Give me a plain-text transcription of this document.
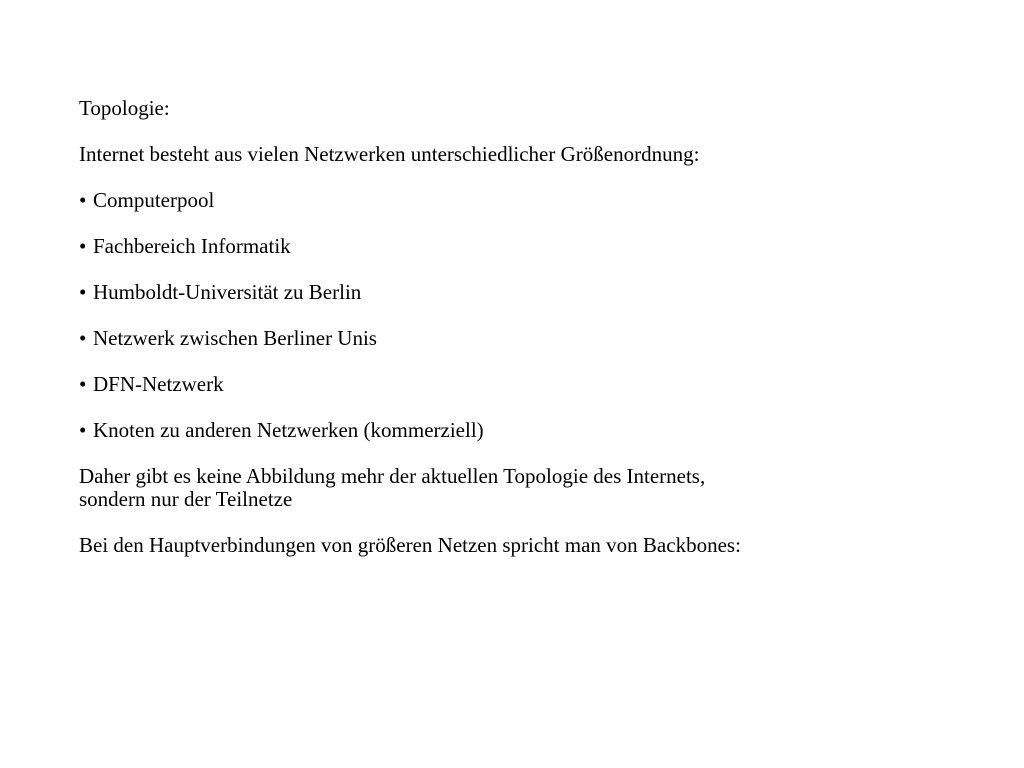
Topologie:

Internet besteht aus vielen Netzwerken unterschiedlicher Größenordnung:

• Computerpool
• Fachbereich Informatik
• Humboldt-Universität zu Berlin
• Netzwerk zwischen Berliner Unis
• DFN-Netzwerk
• Knoten zu anderen Netzwerken (kommerziell)

Daher gibt es keine Abbildung mehr der aktuellen Topologie des Internets,
sondern nur der Teilnetze

Bei den Hauptverbindungen von größeren Netzen spricht man von Backbones:
